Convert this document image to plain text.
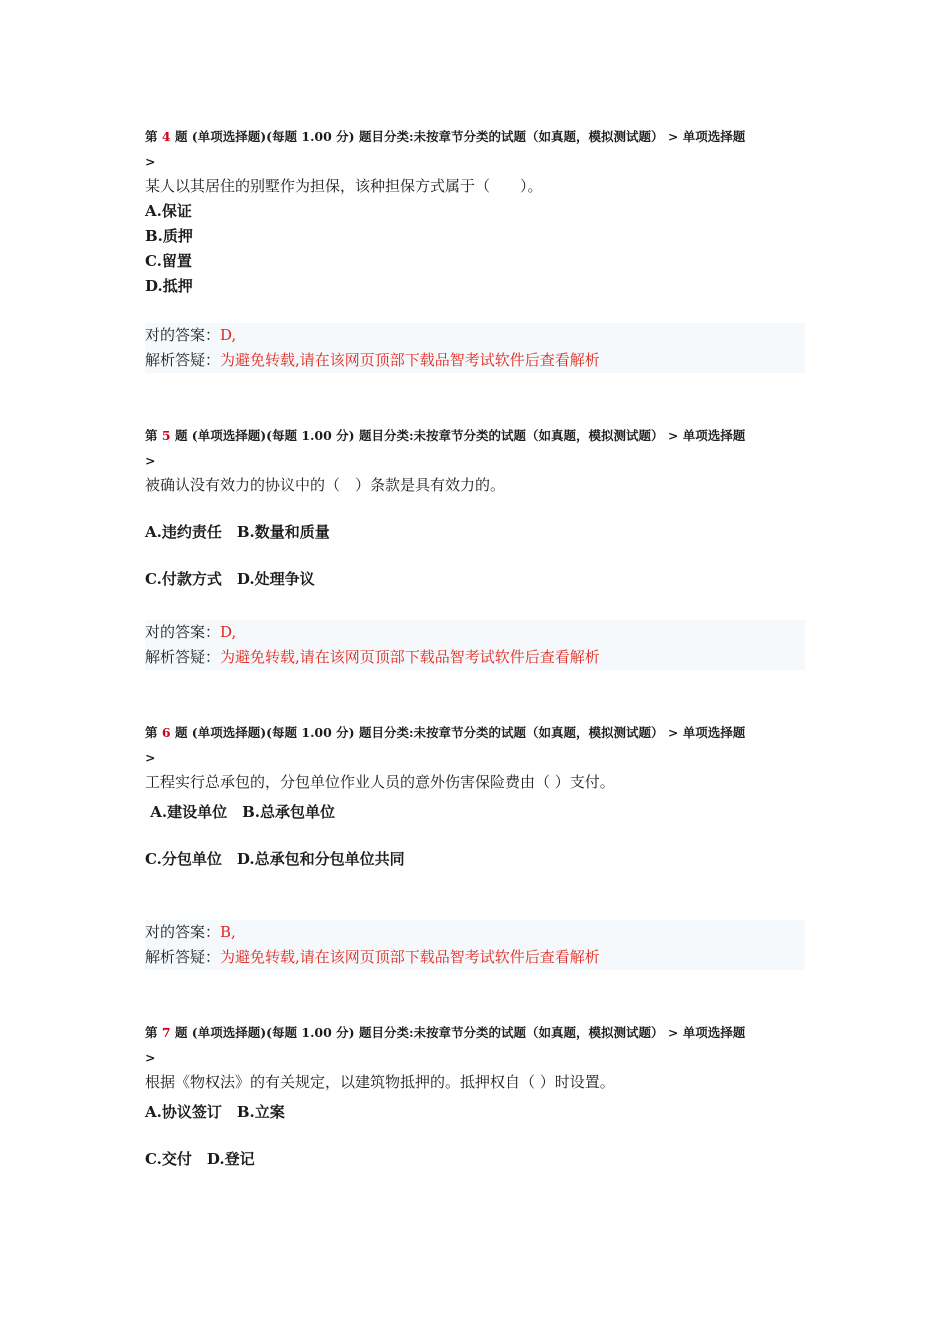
第 4 题 (单项选择题)(每题 1.00 分) 题目分类:未按章节分类的试题（如真题，模拟测试题） > 单项选择题

>

某人以其居住的别墅作为担保，该种担保方式属于（　　）。

A.保证

B.质押

C.留置

D.抵押

对的答案：D,

解析答疑：为避免转载,请在该网页顶部下载品智考试软件后查看解析

第 5 题 (单项选择题)(每题 1.00 分) 题目分类:未按章节分类的试题（如真题，模拟测试题） > 单项选择题

>

被确认没有效力的协议中的（　）条款是具有效力的。

A.违约责任　B.数量和质量

C.付款方式　D.处理争议

对的答案：D,

解析答疑：为避免转载,请在该网页顶部下载品智考试软件后查看解析

第 6 题 (单项选择题)(每题 1.00 分) 题目分类:未按章节分类的试题（如真题，模拟测试题） > 单项选择题

>

工程实行总承包的，分包单位作业人员的意外伤害保险费由（ ）支付。

A.建设单位　B.总承包单位

C.分包单位　D.总承包和分包单位共同

对的答案：B,

解析答疑：为避免转载,请在该网页顶部下载品智考试软件后查看解析

第 7 题 (单项选择题)(每题 1.00 分) 题目分类:未按章节分类的试题（如真题，模拟测试题） > 单项选择题

>

根据《物权法》的有关规定，以建筑物抵押的。抵押权自（ ）时设置。

A.协议签订　B.立案

C.交付　D.登记
